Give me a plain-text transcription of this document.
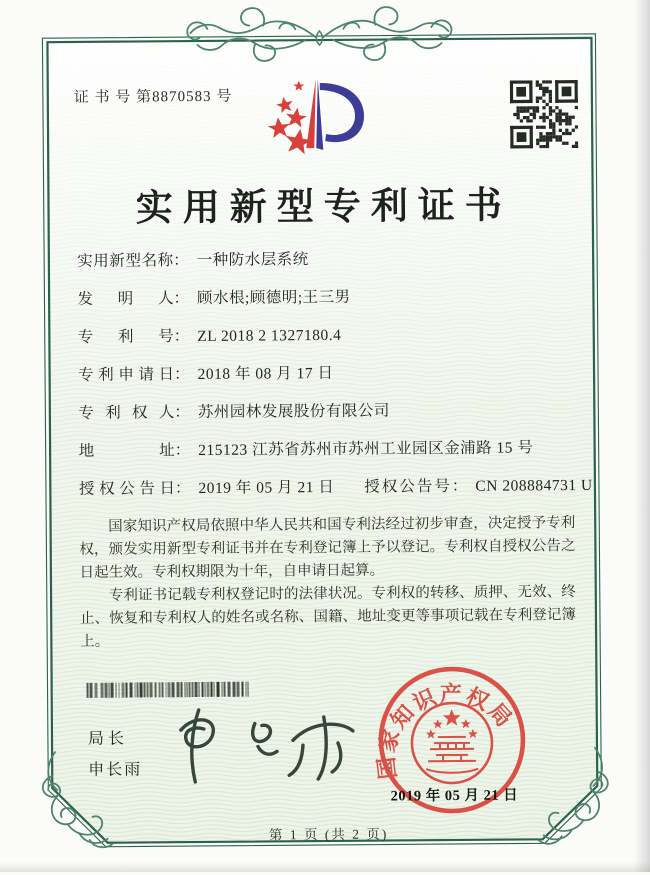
证 书 号 第8870583 号
实用新型专利证书
实用新型名称： 一种防水层系统
发明人： 顾水根;顾德明;王三男
专利号： ZL 2018 2 1327180.4
专利申请日： 2018 年 08 月 17 日
专利权人： 苏州园林发展股份有限公司
地址： 215123 江苏省苏州市苏州工业园区金浦路 15 号
授权公告日： 2019 年 05 月 21 日 授权公告号： CN 208884731 U

国家知识产权局依照中华人民共和国专利法经过初步审查，决定授予专利权，颁发实用新型专利证书并在专利登记簿上予以登记。专利权自授权公告之日起生效。专利权期限为十年，自申请日起算。

专利证书记载专利权登记时的法律状况。专利权的转移、质押、无效、终止、恢复和专利权人的姓名或名称、国籍、地址变更等事项记载在专利登记簿上。

局长
申长雨	国家知识产权局
2019 年 05 月 21 日
第 1 页 (共 2 页)
